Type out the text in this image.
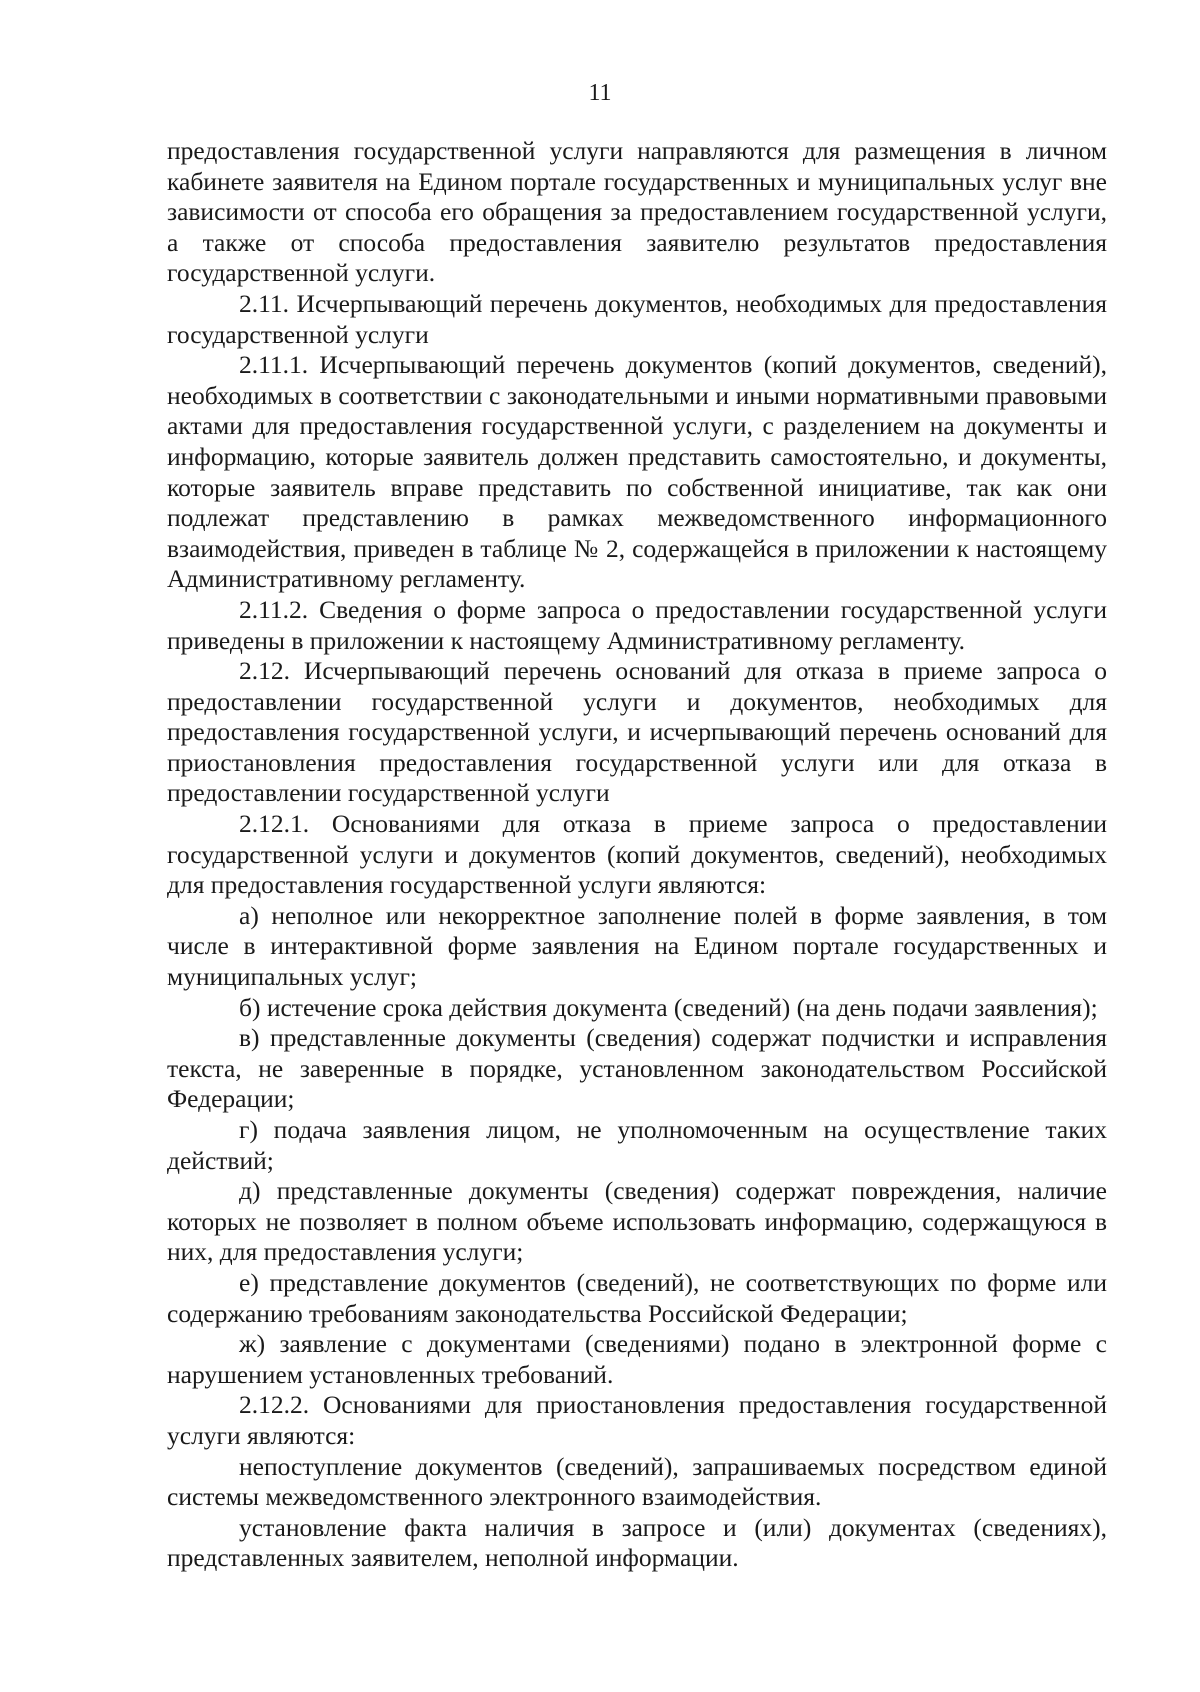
11

предоставления государственной услуги направляются для размещения в личном кабинете заявителя на Едином портале государственных и муниципальных услуг вне зависимости от способа его обращения за предоставлением государственной услуги, а также от способа предоставления заявителю результатов предоставления государственной услуги.

2.11. Исчерпывающий перечень документов, необходимых для предоставления государственной услуги

2.11.1. Исчерпывающий перечень документов (копий документов, сведений), необходимых в соответствии с законодательными и иными нормативными правовыми актами для предоставления государственной услуги, с разделением на документы и информацию, которые заявитель должен представить самостоятельно, и документы, которые заявитель вправе представить по собственной инициативе, так как они подлежат представлению в рамках межведомственного информационного взаимодействия, приведен в таблице № 2, содержащейся в приложении к настоящему Административному регламенту.

2.11.2. Сведения о форме запроса о предоставлении государственной услуги приведены в приложении к настоящему Административному регламенту.

2.12. Исчерпывающий перечень оснований для отказа в приеме запроса о предоставлении государственной услуги и документов, необходимых для предоставления государственной услуги, и исчерпывающий перечень оснований для приостановления предоставления государственной услуги или для отказа в предоставлении государственной услуги

2.12.1. Основаниями для отказа в приеме запроса о предоставлении государственной услуги и документов (копий документов, сведений), необходимых для предоставления государственной услуги являются:

а) неполное или некорректное заполнение полей в форме заявления, в том числе в интерактивной форме заявления на Едином портале государственных и муниципальных услуг;

б) истечение срока действия документа (сведений) (на день подачи заявления);

в) представленные документы (сведения) содержат подчистки и исправления текста, не заверенные в порядке, установленном законодательством Российской Федерации;

г) подача заявления лицом, не уполномоченным на осуществление таких действий;

д) представленные документы (сведения) содержат повреждения, наличие которых не позволяет в полном объеме использовать информацию, содержащуюся в них, для предоставления услуги;

е) представление документов (сведений), не соответствующих по форме или содержанию требованиям законодательства Российской Федерации;

ж) заявление с документами (сведениями) подано в электронной форме с нарушением установленных требований.

2.12.2. Основаниями для приостановления предоставления государственной услуги являются:

непоступление документов (сведений), запрашиваемых посредством единой системы межведомственного электронного взаимодействия.

установление факта наличия в запросе и (или) документах (сведениях), представленных заявителем, неполной информации.
